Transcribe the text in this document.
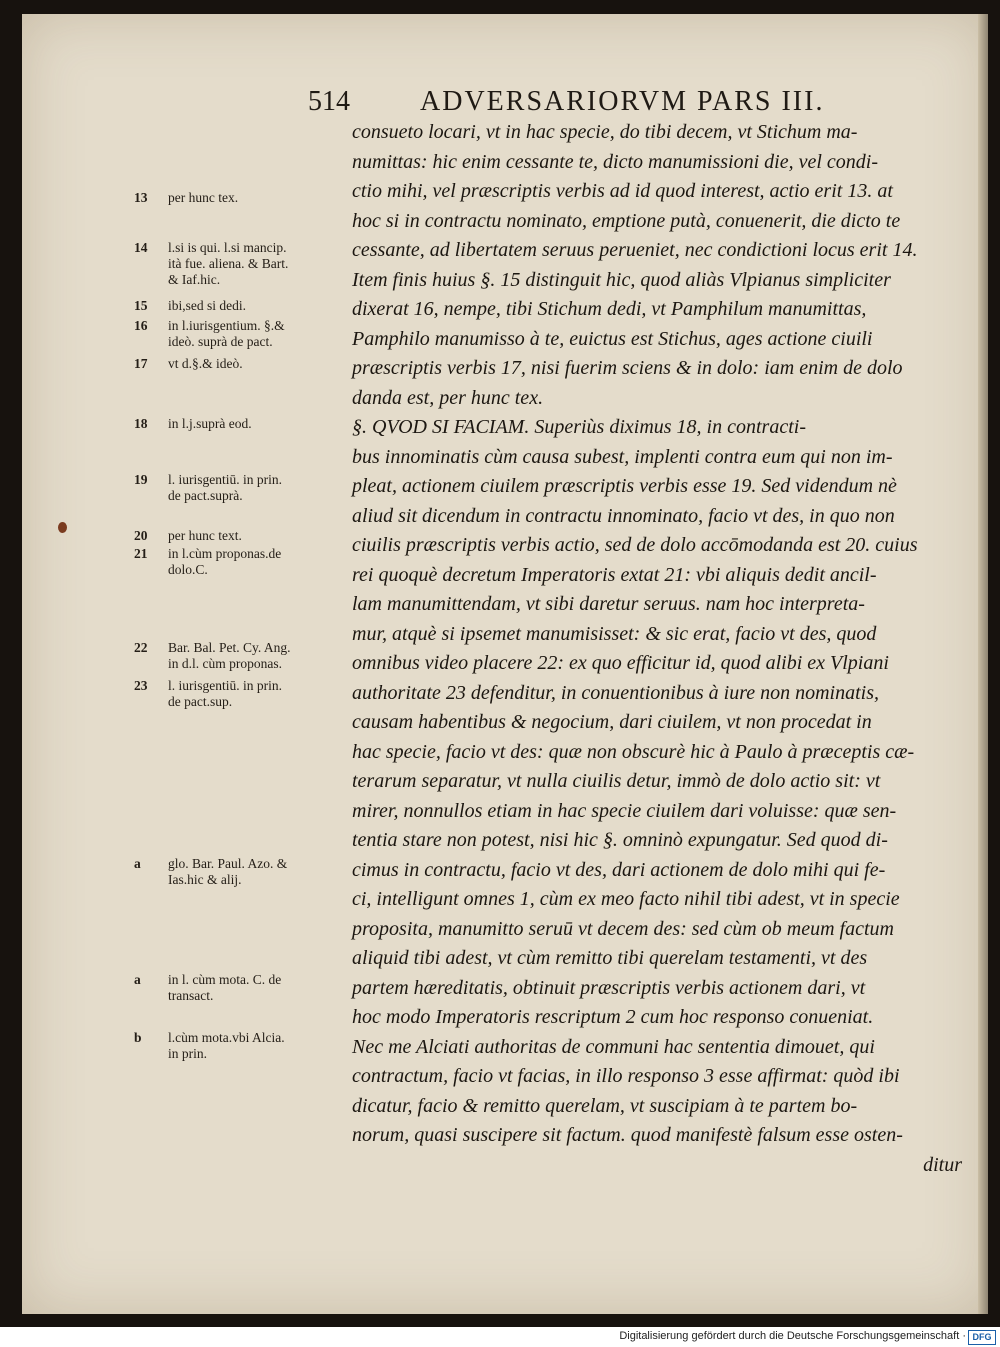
514	ADVERSARIORVM PARS III.
13	per hunc tex.
14	l.si is qui. l.si mancip.
ità fue. aliena. & Bart.
& Iaf.hic.
15	ibi,sed si dedi.
16	in l.iurisgentium. §.&
ideò. suprà de pact.
17	vt d.§.& ideò.
18	in l.j.suprà eod.
19	l. iurisgentiū. in prin.
de pact.suprà.
20	per hunc text.
21	in l.cùm proponas.de
dolo.C.
22	Bar. Bal. Pet. Cy. Ang.
in d.l. cùm proponas.
23	l. iurisgentiū. in prin.
de pact.sup.
a	glo. Bar. Paul. Azo. &
Ias.hic & alij.
a	in l. cùm mota. C. de
transact.
b	l.cùm mota.vbi Alcia.
in prin.
consueto locari, vt in hac specie, do tibi decem, vt Stichum ma-
numittas: hic enim cessante te, dicto manumissioni die, vel condi-
ctio mihi, vel præscriptis verbis ad id quod interest, actio erit 13. at
hoc si in contractu nominato, emptione putà, conuenerit, die dicto te
cessante, ad libertatem seruus perueniet, nec condictioni locus erit 14.
Item finis huius §. 15 distinguit hic, quod aliàs Vlpianus simpliciter
dixerat 16, nempe, tibi Stichum dedi, vt Pamphilum manumittas,
Pamphilo manumisso à te, euictus est Stichus, ages actione ciuili
præscriptis verbis 17, nisi fuerim sciens & in dolo: iam enim de dolo
danda est, per hunc tex.
§. QVOD SI FACIAM. Superiùs diximus 18, in contracti-
bus innominatis cùm causa subest, implenti contra eum qui non im-
pleat, actionem ciuilem præscriptis verbis esse 19. Sed videndum nè
aliud sit dicendum in contractu innominato, facio vt des, in quo non
ciuilis præscriptis verbis actio, sed de dolo accōmodanda est 20. cuius
rei quoquè decretum Imperatoris extat 21: vbi aliquis dedit ancil-
lam manumittendam, vt sibi daretur seruus. nam hoc interpreta-
mur, atquè si ipsemet manumisisset: & sic erat, facio vt des, quod
omnibus video placere 22: ex quo efficitur id, quod alibi ex Vlpiani
authoritate 23 defenditur, in conuentionibus à iure non nominatis,
causam habentibus & negocium, dari ciuilem, vt non procedat in
hac specie, facio vt des: quæ non obscurè hic à Paulo à præceptis cæ-
terarum separatur, vt nulla ciuilis detur, immò de dolo actio sit: vt
mirer, nonnullos etiam in hac specie ciuilem dari voluisse: quæ sen-
tentia stare non potest, nisi hic §. omninò expungatur. Sed quod di-
cimus in contractu, facio vt des, dari actionem de dolo mihi qui fe-
ci, intelligunt omnes 1, cùm ex meo facto nihil tibi adest, vt in specie
proposita, manumitto seruū vt decem des: sed cùm ob meum factum
aliquid tibi adest, vt cùm remitto tibi querelam testamenti, vt des
partem hæreditatis, obtinuit præscriptis verbis actionem dari, vt
hoc modo Imperatoris rescriptum 2 cum hoc responso conueniat.
Nec me Alciati authoritas de communi hac sententia dimouet, qui
contractum, facio vt facias, in illo responso 3 esse affirmat: quòd ibi
dicatur, facio & remitto querelam, vt suscipiam à te partem bo-
norum, quasi suscipere sit factum. quod manifestè falsum esse osten-
ditur
Digitalisierung gefördert durch die Deutsche Forschungsgemeinschaft · DFG
